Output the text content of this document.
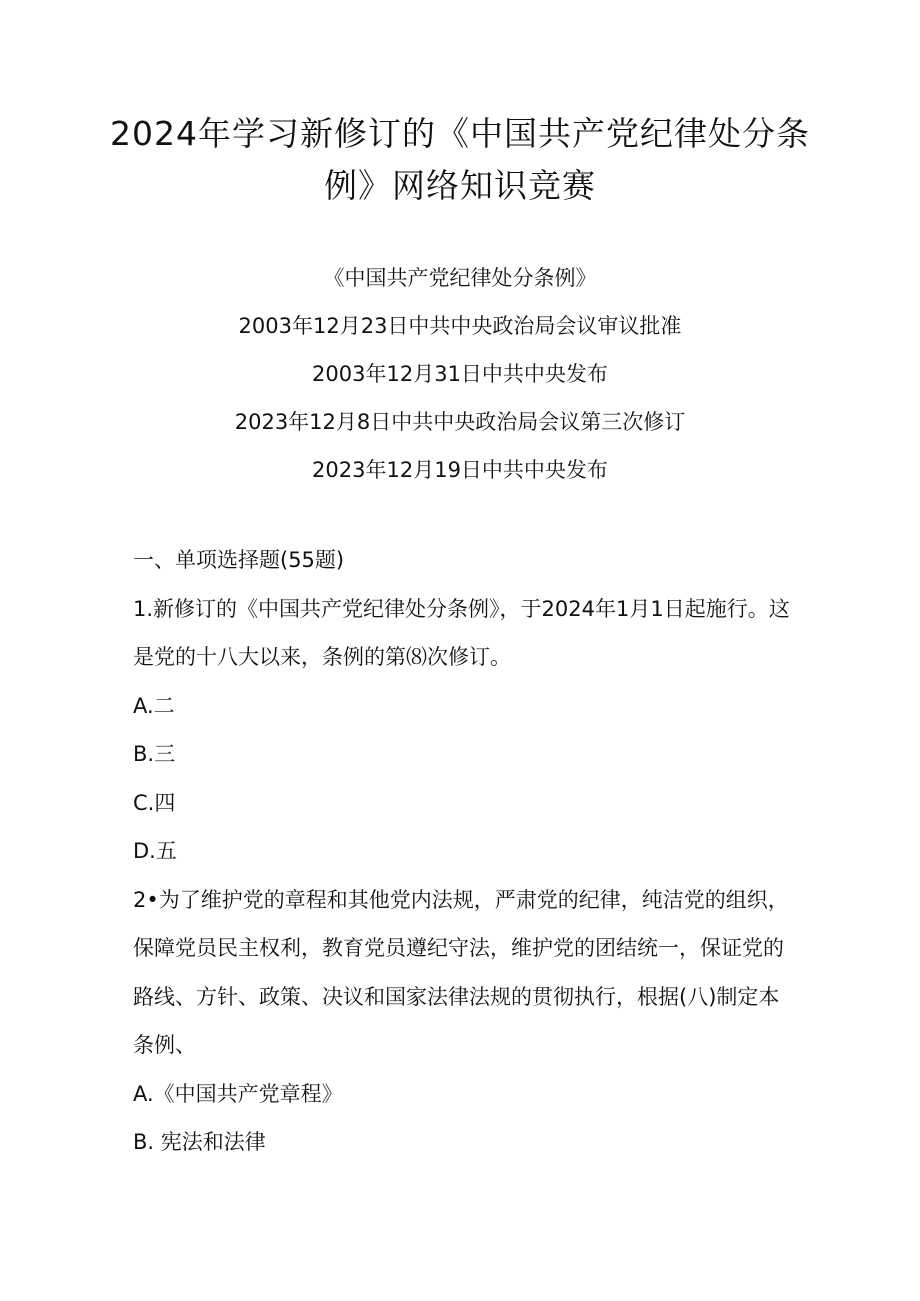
2024年学习新修订的《中国共产党纪律处分条例》网络知识竞赛
《中国共产党纪律处分条例》
2003年12月23日中共中央政治局会议审议批准
2003年12月31日中共中央发布
2023年12月8日中共中央政治局会议第三次修订
2023年12月19日中共中央发布
一、单项选择题(55题)
1.新修订的《中国共产党纪律处分条例》，于2024年1月1日起施行。这是党的十八大以来，条例的第⑻次修订。
A.二
B.三
C.四
D.五
2•为了维护党的章程和其他党内法规，严肃党的纪律，纯洁党的组织，保障党员民主权利，教育党员遵纪守法，维护党的团结统一，保证党的路线、方针、政策、决议和国家法律法规的贯彻执行，根据(八)制定本条例、
A.《中国共产党章程》
B. 宪法和法律
